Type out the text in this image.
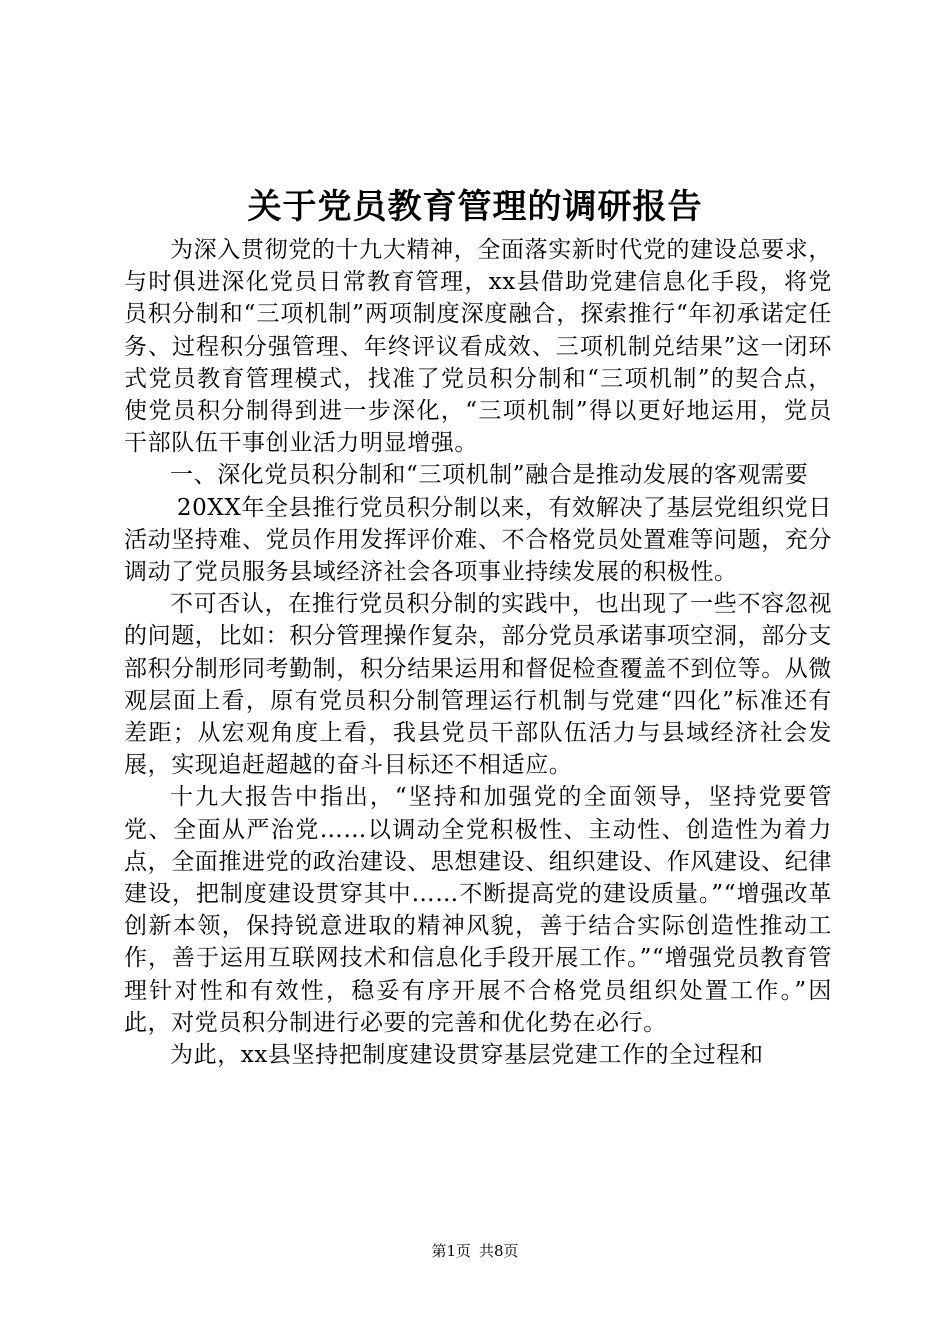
关于党员教育管理的调研报告

为深入贯彻党的十九大精神，全面落实新时代党的建设总要求，与时俱进深化党员日常教育管理，xx县借助党建信息化手段，将党员积分制和“三项机制”两项制度深度融合，探索推行“年初承诺定任务、过程积分强管理、年终评议看成效、三项机制兑结果”这一闭环式党员教育管理模式，找准了党员积分制和“三项机制”的契合点，使党员积分制得到进一步深化，“三项机制”得以更好地运用，党员干部队伍干事创业活力明显增强。

一、深化党员积分制和“三项机制”融合是推动发展的客观需要

20XX年全县推行党员积分制以来，有效解决了基层党组织党日活动坚持难、党员作用发挥评价难、不合格党员处置难等问题，充分调动了党员服务县域经济社会各项事业持续发展的积极性。

不可否认，在推行党员积分制的实践中，也出现了一些不容忽视的问题，比如：积分管理操作复杂，部分党员承诺事项空洞，部分支部积分制形同考勤制，积分结果运用和督促检查覆盖不到位等。从微观层面上看，原有党员积分制管理运行机制与党建“四化”标准还有差距；从宏观角度上看，我县党员干部队伍活力与县域经济社会发展，实现追赶超越的奋斗目标还不相适应。

十九大报告中指出，“坚持和加强党的全面领导，坚持党要管党、全面从严治党……以调动全党积极性、主动性、创造性为着力点，全面推进党的政治建设、思想建设、组织建设、作风建设、纪律建设，把制度建设贯穿其中……不断提高党的建设质量。”“增强改革创新本领，保持锐意进取的精神风貌，善于结合实际创造性推动工作，善于运用互联网技术和信息化手段开展工作。”“增强党员教育管理针对性和有效性，稳妥有序开展不合格党员组织处置工作。”因此，对党员积分制进行必要的完善和优化势在必行。

为此，xx县坚持把制度建设贯穿基层党建工作的全过程和

第1页 共8页
